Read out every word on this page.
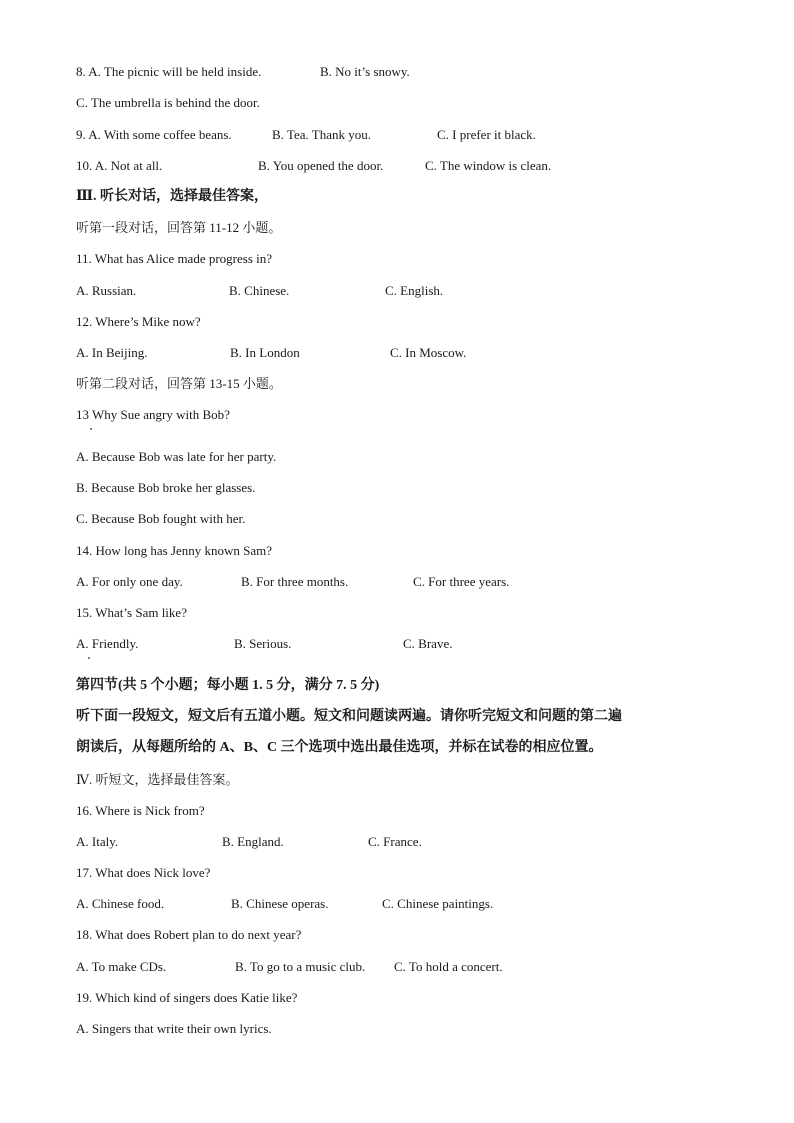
8. A. The picnic will be held inside.	B. No it’s snowy.
C. The umbrella is behind the door.
9. A. With some coffee beans.	B. Tea. Thank you.	C. I prefer it black.
10. A. Not at all.	B. You opened the door.	C. The window is clean.
Ⅲ. 听长对话，选择最佳答案，
听第一段对话，回答第 11-12 小题。
11. What has Alice made progress in?
A. Russian.	B. Chinese.	C. English.
12. Where’s Mike now?
A. In Beijing.	B. In London	C. In Moscow.
听第二段对话，回答第 13-15 小题。
13 Why Sue angry with Bob?
A. Because Bob was late for her party.
B. Because Bob broke her glasses.
C. Because Bob fought with her.
14. How long has Jenny known Sam?
A. For only one day.	B. For three months.	C. For three years.
15. What’s Sam like?
A. Friendly.	B. Serious.	C. Brave.
第四节(共 5 个小题；每小题 1. 5 分，满分 7. 5 分)
听下面一段短文，短文后有五道小题。短文和问题读两遍。请你听完短文和问题的第二遍
朗读后，从每题所给的 A、B、C 三个选项中选出最佳选项，并标在试卷的相应位置。
Ⅳ. 听短文，选择最佳答案。
16. Where is Nick from?
A. Italy.	B. England.	C. France.
17. What does Nick love?
A. Chinese food.	B. Chinese operas.	C. Chinese paintings.
18. What does Robert plan to do next year?
A. To make CDs.	B. To go to a music club. C. To hold a concert.
19. Which kind of singers does Katie like?
A. Singers that write their own lyrics.
